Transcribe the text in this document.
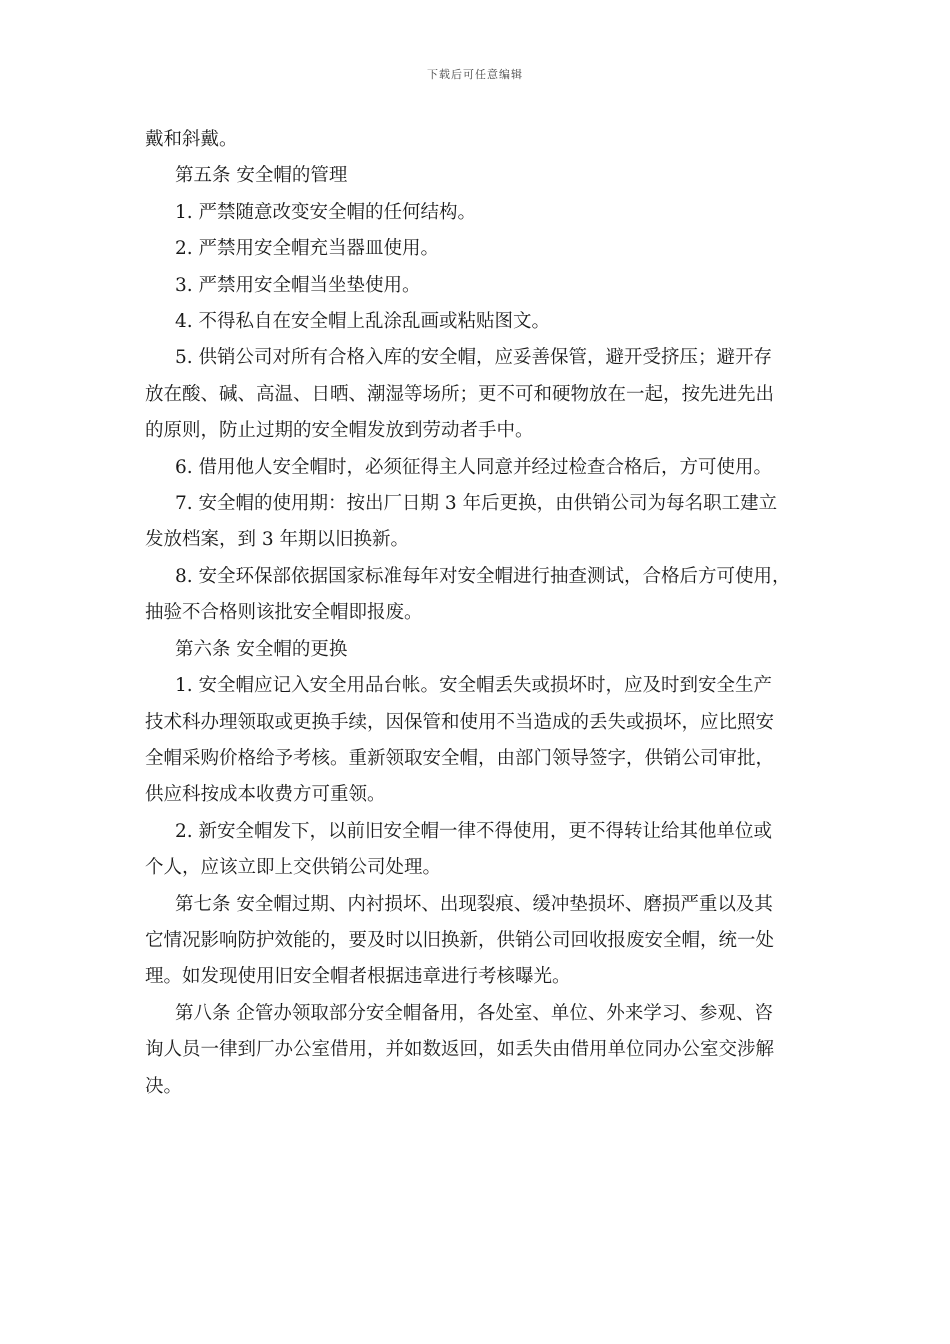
下载后可任意编辑
戴和斜戴。
第五条 安全帽的管理
1. 严禁随意改变安全帽的任何结构。
2. 严禁用安全帽充当器皿使用。
3. 严禁用安全帽当坐垫使用。
4. 不得私自在安全帽上乱涂乱画或粘贴图文。
5. 供销公司对所有合格入库的安全帽，应妥善保管，避开受挤压；避开存
放在酸、碱、高温、日晒、潮湿等场所；更不可和硬物放在一起，按先进先出
的原则，防止过期的安全帽发放到劳动者手中。
6. 借用他人安全帽时，必须征得主人同意并经过检查合格后，方可使用。
7. 安全帽的使用期：按出厂日期 3 年后更换，由供销公司为每名职工建立
发放档案，到 3 年期以旧换新。
8. 安全环保部依据国家标准每年对安全帽进行抽查测试，合格后方可使用，
抽验不合格则该批安全帽即报废。
第六条 安全帽的更换
1. 安全帽应记入安全用品台帐。安全帽丢失或损坏时，应及时到安全生产
技术科办理领取或更换手续，因保管和使用不当造成的丢失或损坏，应比照安
全帽采购价格给予考核。重新领取安全帽，由部门领导签字，供销公司审批，
供应科按成本收费方可重领。
2. 新安全帽发下，以前旧安全帽一律不得使用，更不得转让给其他单位或
个人，应该立即上交供销公司处理。
第七条 安全帽过期、内衬损坏、出现裂痕、缓冲垫损坏、磨损严重以及其
它情况影响防护效能的，要及时以旧换新，供销公司回收报废安全帽，统一处
理。如发现使用旧安全帽者根据违章进行考核曝光。
第八条 企管办领取部分安全帽备用，各处室、单位、外来学习、参观、咨
询人员一律到厂办公室借用，并如数返回，如丢失由借用单位同办公室交涉解
决。
